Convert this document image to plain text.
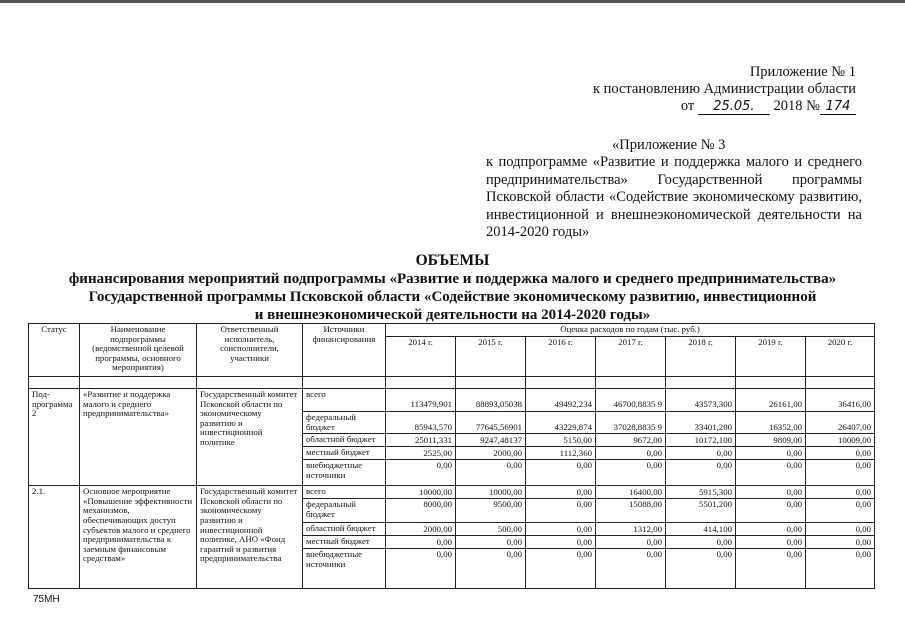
Приложение № 1
к постановлению Администрации области
от 25.05. 2018 № 174
«Приложение № 3
к подпрограмме «Развитие и поддержка малого и среднего предпринимательства» Государственной программы Псковской области «Содействие экономическому развитию, инвестиционной и внешнеэкономической деятельности на 2014-2020 годы»
ОБЪЕМЫ
финансирования мероприятий подпрограммы «Развитие и поддержка малого и среднего предпринимательства»
Государственной программы Псковской области «Содействие экономическому развитию, инвестиционной
и внешнеэкономической деятельности на 2014-2020 годы»
Статус	Наименование подпрограммы (ведомственной целевой программы, основного мероприятия)	Ответственный исполнитель, соисполнители, участники	Источники финансирования	Оценка расходов по годам (тыс. руб.)						
				2014 г.	2015 г.	2016 г.	2017 г.	2018 г.	2019 г.	2020 г.

Под-программа 2	«Развитие и поддержка малого и среднего предпринимательства»	Государственный комитет Псковской области по экономическому развитию и инвестиционной политике	всего	113479,901	88893,05038	49492,234	46700,8835 9	43573,300	26161,00	36416,00
			федеральный бюджет	85943,570	77645,56901	43229,874	37028,8835 9	33401,200	16352,00	26407,00
			областной бюджет	25011,331	9247,48137	5150,00	9672,00	10172,100	9809,00	10009,00
			местный бюджет	2525,00	2000,00	1112,360	0,00	0,00	0,00	0,00
			внебюджетные источники	0,00	0,00	0,00	0,00	0,00	0,00	0,00
2.1.	Основное мероприятие «Повышение эффективности механизмов, обеспечивающих доступ субъектов малого и среднего предпринимательства к заемным финансовым средствам»	Государственный комитет Псковской области по экономическому развитию и инвестиционной политике, АНО «Фонд гарантий и развития предпринимательства	всего	10000,00	10000,00	0,00	16400,00	5915,300	0,00	0,00
			федеральный бюджет	8000,00	9500,00	0,00	15088,00	5501,200	0,00	0,00
			областной бюджет	2000,00	500,00	0,00	1312,00	414,100	0,00	0,00
			местный бюджет	0,00	0,00	0,00	0,00	0,00	0,00	0,00
			внебюджетные источники	0,00	0,00	0,00	0,00	0,00	0,00	0,00
75МН
